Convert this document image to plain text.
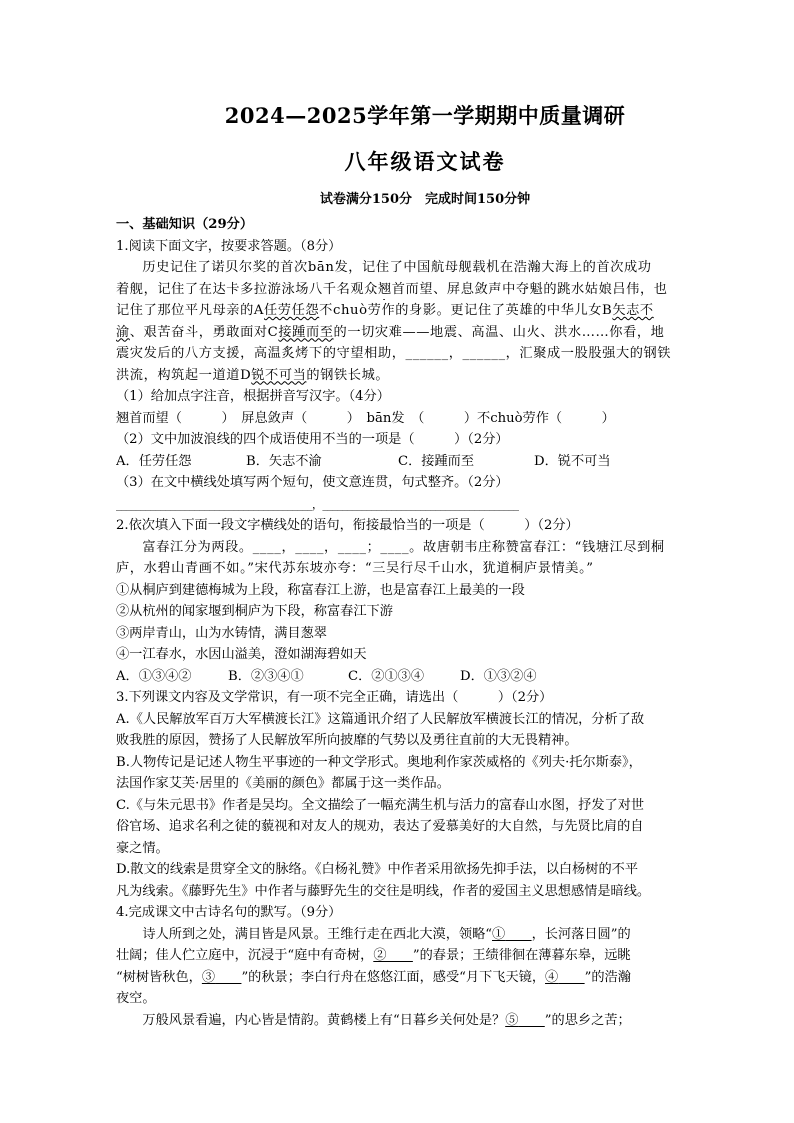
2024—2025学年第一学期期中质量调研
八年级语文试卷
试卷满分150分　完成时间150分钟
一、基础知识（29分）
1.阅读下面文字，按要求答题。（8分）
历史记住了诺贝尔奖的首次bān发，记住了中国航母舰载机在浩瀚大海上的首次成功
着舰，记住了在达卡多拉游泳场八千名观众翘首而望、屏息敛声中夺魁的跳水姑娘吕伟，也
记住了那位平凡母亲的A任劳任怨不chuò劳作的身影。更记住了英雄的中华儿女B矢志不
渝、艰苦奋斗，勇敢面对C接踵而至的一切灾难——地震、高温、山火、洪水……你看，地
震灾发后的八方支援，高温炙烤下的守望相助，______，______，汇聚成一股股强大的钢铁
洪流，构筑起一道道D锐不可当的钢铁长城。
（1）给加点字注音，根据拼音写汉字。（4分）
翘首而望（　　　）　屏息敛声（　　　）　bān发　（　　　）不chuò劳作（　　　）
（2）文中加波浪线的四个成语使用不当的一项是（　　　）（2分）
A．任劳任怨	B．矢志不渝	C．接踵而至	D．锐不可当
（3）在文中横线处填写两个短句，使文意连贯，句式整齐。（2分）
________________________________________，________________________________________
2.依次填入下面一段文字横线处的语句，衔接最恰当的一项是（　　　）（2分）
富春江分为两段。____，____，____；____。故唐朝韦庄称赞富春江：“钱塘江尽到桐
庐，水碧山青画不如。”宋代苏东坡亦夸：“三吴行尽千山水，犹道桐庐景情美。”
①从桐庐到建德梅城为上段，称富春江上游，也是富春江上最美的一段
②从杭州的闻家堰到桐庐为下段，称富春江下游
③两岸青山，山为水铸情，满目葱翠
④一江春水，水因山溢美，澄如湖海碧如天
A．①③④②	B．②③④①	C．②①③④	D．①③②④
3.下列课文内容及文学常识，有一项不完全正确，请选出（　　　）（2分）
A.《人民解放军百万大军横渡长江》这篇通讯介绍了人民解放军横渡长江的情况，分析了敌
败我胜的原因，赞扬了人民解放军所向披靡的气势以及勇往直前的大无畏精神。
B.人物传记是记述人物生平事迹的一种文学形式。奥地利作家茨威格的《列夫·托尔斯泰》，
法国作家艾芙·居里的《美丽的颜色》都属于这一类作品。
C.《与朱元思书》作者是吴均。全文描绘了一幅充满生机与活力的富春山水图，抒发了对世
俗官场、追求名利之徒的藐视和对友人的规劝，表达了爱慕美好的大自然，与先贤比肩的自
豪之情。
D.散文的线索是贯穿全文的脉络。《白杨礼赞》中作者采用欲扬先抑手法，以白杨树的不平
凡为线索。《藤野先生》中作者与藤野先生的交往是明线，作者的爱国主义思想感情是暗线。
4.完成课文中古诗名句的默写。（9分）
诗人所到之处，满目皆是风景。王维行走在西北大漠，领略“①　　 ，长河落日圆”的
壮阔；佳人伫立庭中，沉浸于“庭中有奇树，②　　 ”的春景；王绩徘徊在薄暮东皋，远眺
“树树皆秋色，③　　 ”的秋景；李白行舟在悠悠江面，感受“月下飞天镜，④　　 ”的浩瀚
夜空。
万般风景看遍，内心皆是情韵。黄鹤楼上有“日暮乡关何处是？⑤　　 ”的思乡之苦；
